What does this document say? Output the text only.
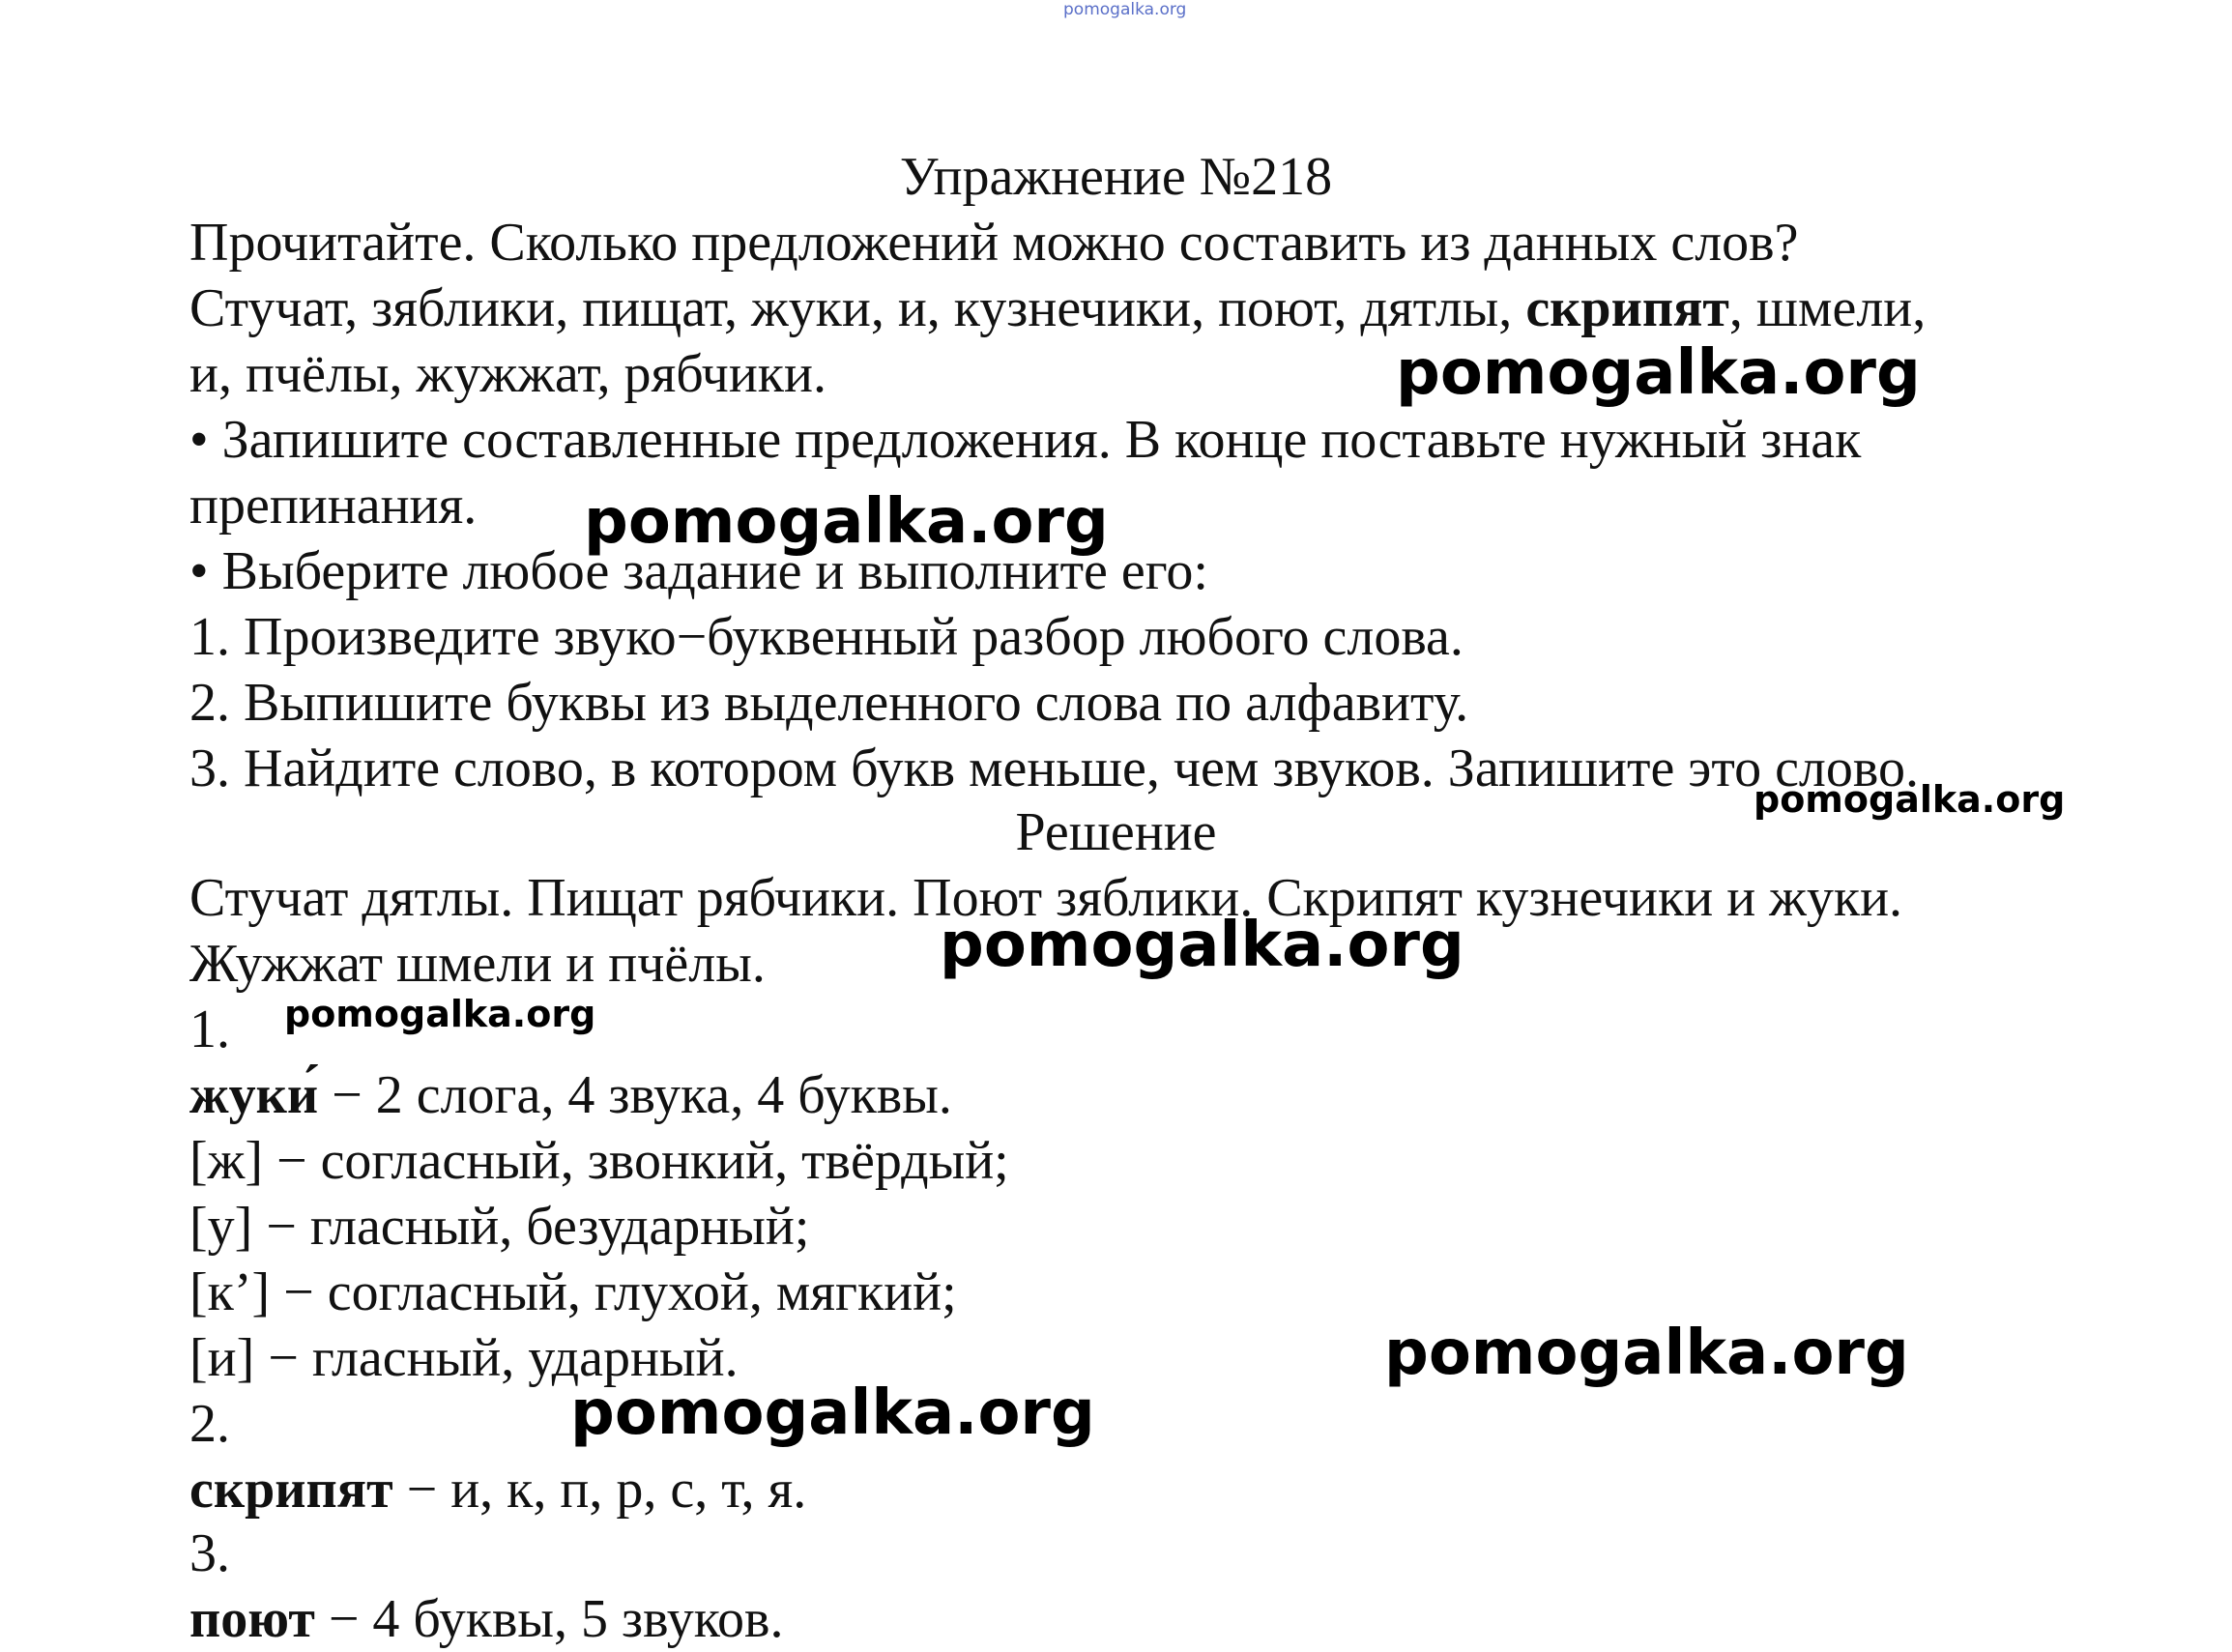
pomogalka.org

Упражнение №218

Прочитайте. Сколько предложений можно составить из данных слов?

Стучат, зяблики, пищат, жуки, и, кузнечики, поют, дятлы, скрипят, шмели,

и, пчёлы, жужжат, рябчики.

• Запишите составленные предложения. В конце поставьте нужный знак

препинания.

• Выберите любое задание и выполните его:

1. Произведите звуко−буквенный разбор любого слова.

2. Выпишите буквы из выделенного слова по алфавиту.

3. Найдите слово, в котором букв меньше, чем звуков. Запишите это слово.

Решение

Стучат дятлы. Пищат рябчики. Поют зяблики. Скрипят кузнечики и жуки.

Жужжат шмели и пчёлы.

1.

жуки́ − 2 слога, 4 звука, 4 буквы.

[ж] − согласный, звонкий, твёрдый;

[у] − гласный, безударный;

[к’] − согласный, глухой, мягкий;

[и] − гласный, ударный.

2.

скрипят − и, к, п, р, с, т, я.

3.

поют − 4 буквы, 5 звуков.

pomogalka.org
pomogalka.org
pomogalka.org
pomogalka.org
pomogalka.org
pomogalka.org
pomogalka.org
